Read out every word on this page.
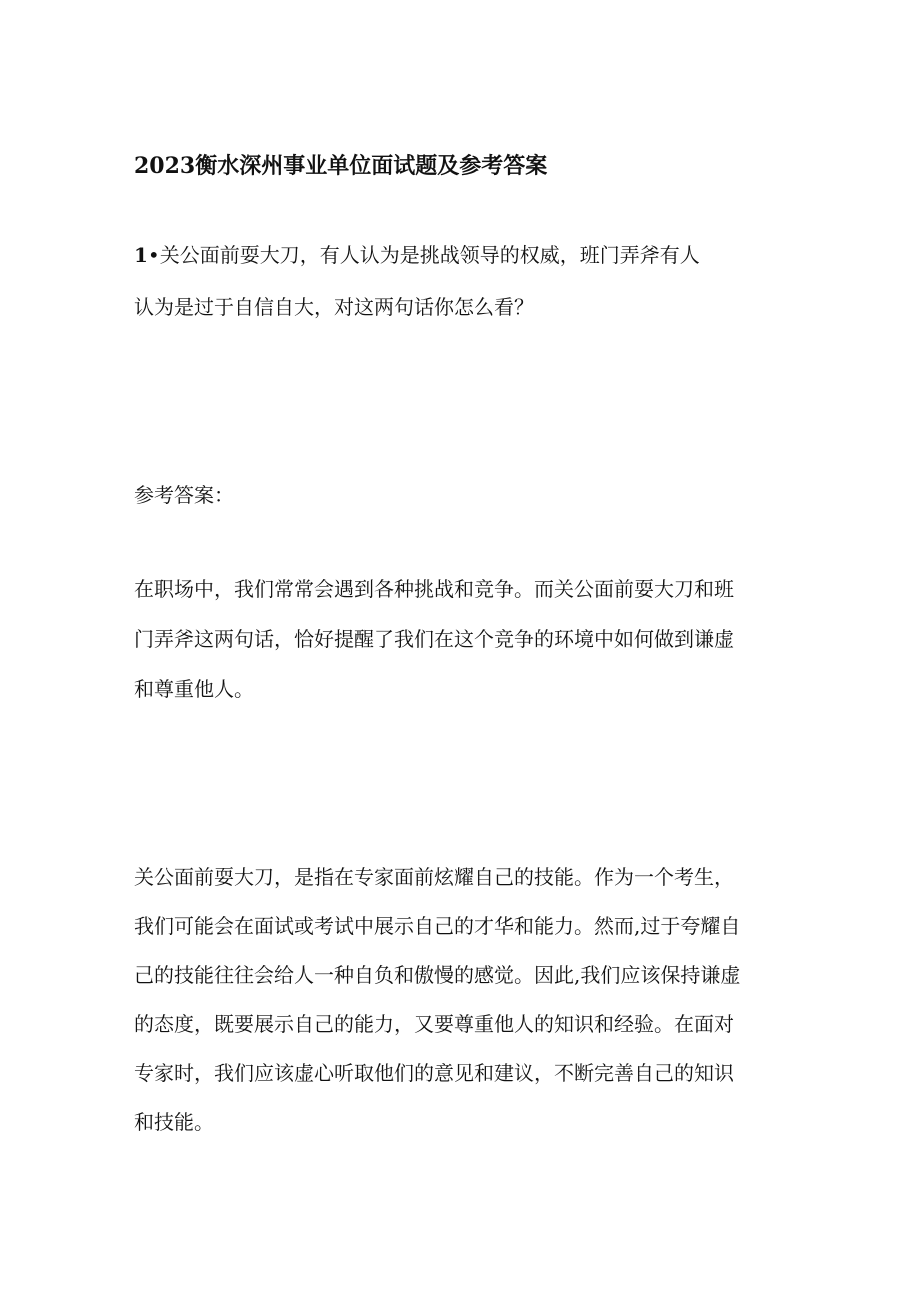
2023衡水深州事业单位面试题及参考答案
1•关公面前耍大刀，有人认为是挑战领导的权威，班门弄斧有人
认为是过于自信自大，对这两句话你怎么看？
参考答案：
在职场中，我们常常会遇到各种挑战和竞争。而关公面前耍大刀和班
门弄斧这两句话，恰好提醒了我们在这个竞争的环境中如何做到谦虚
和尊重他人。
关公面前耍大刀，是指在专家面前炫耀自己的技能。作为一个考生，
我们可能会在面试或考试中展示自己的才华和能力。然而,过于夸耀自
己的技能往往会给人一种自负和傲慢的感觉。因此,我们应该保持谦虚
的态度，既要展示自己的能力，又要尊重他人的知识和经验。在面对
专家时，我们应该虚心听取他们的意见和建议，不断完善自己的知识
和技能。
